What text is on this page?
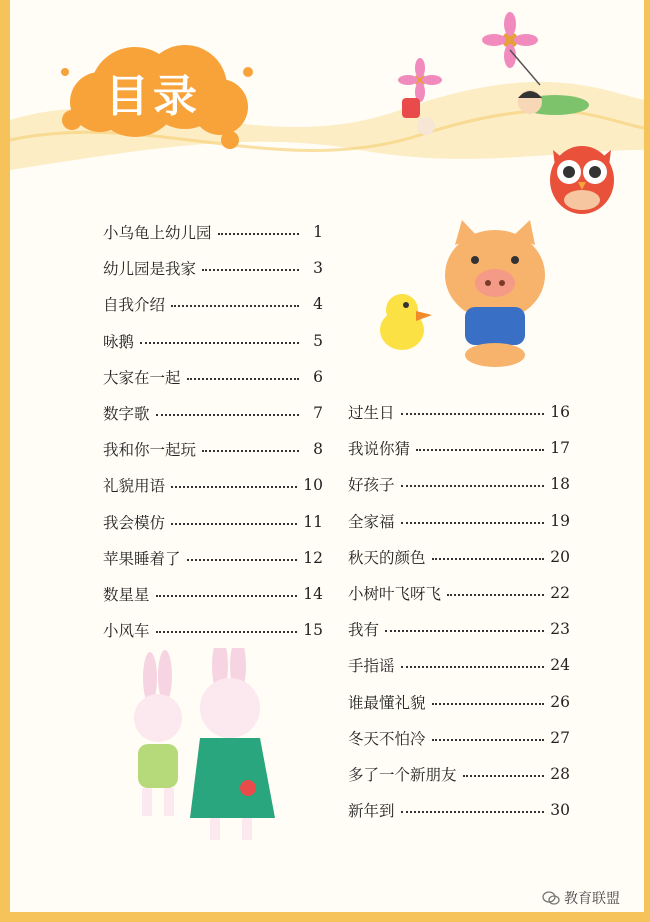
目录
小乌龟上幼儿园	1
幼儿园是我家	3
自我介绍	4
咏鹅	5
大家在一起	6
数字歌	7
我和你一起玩	8
礼貌用语	10
我会模仿	11
苹果睡着了	12
数星星	14
小风车	15
过生日	16
我说你猜	17
好孩子	18
全家福	19
秋天的颜色	20
小树叶飞呀飞	22
我有	23
手指谣	24
谁最懂礼貌	26
冬天不怕冷	27
多了一个新朋友	28
新年到	30
教育联盟
